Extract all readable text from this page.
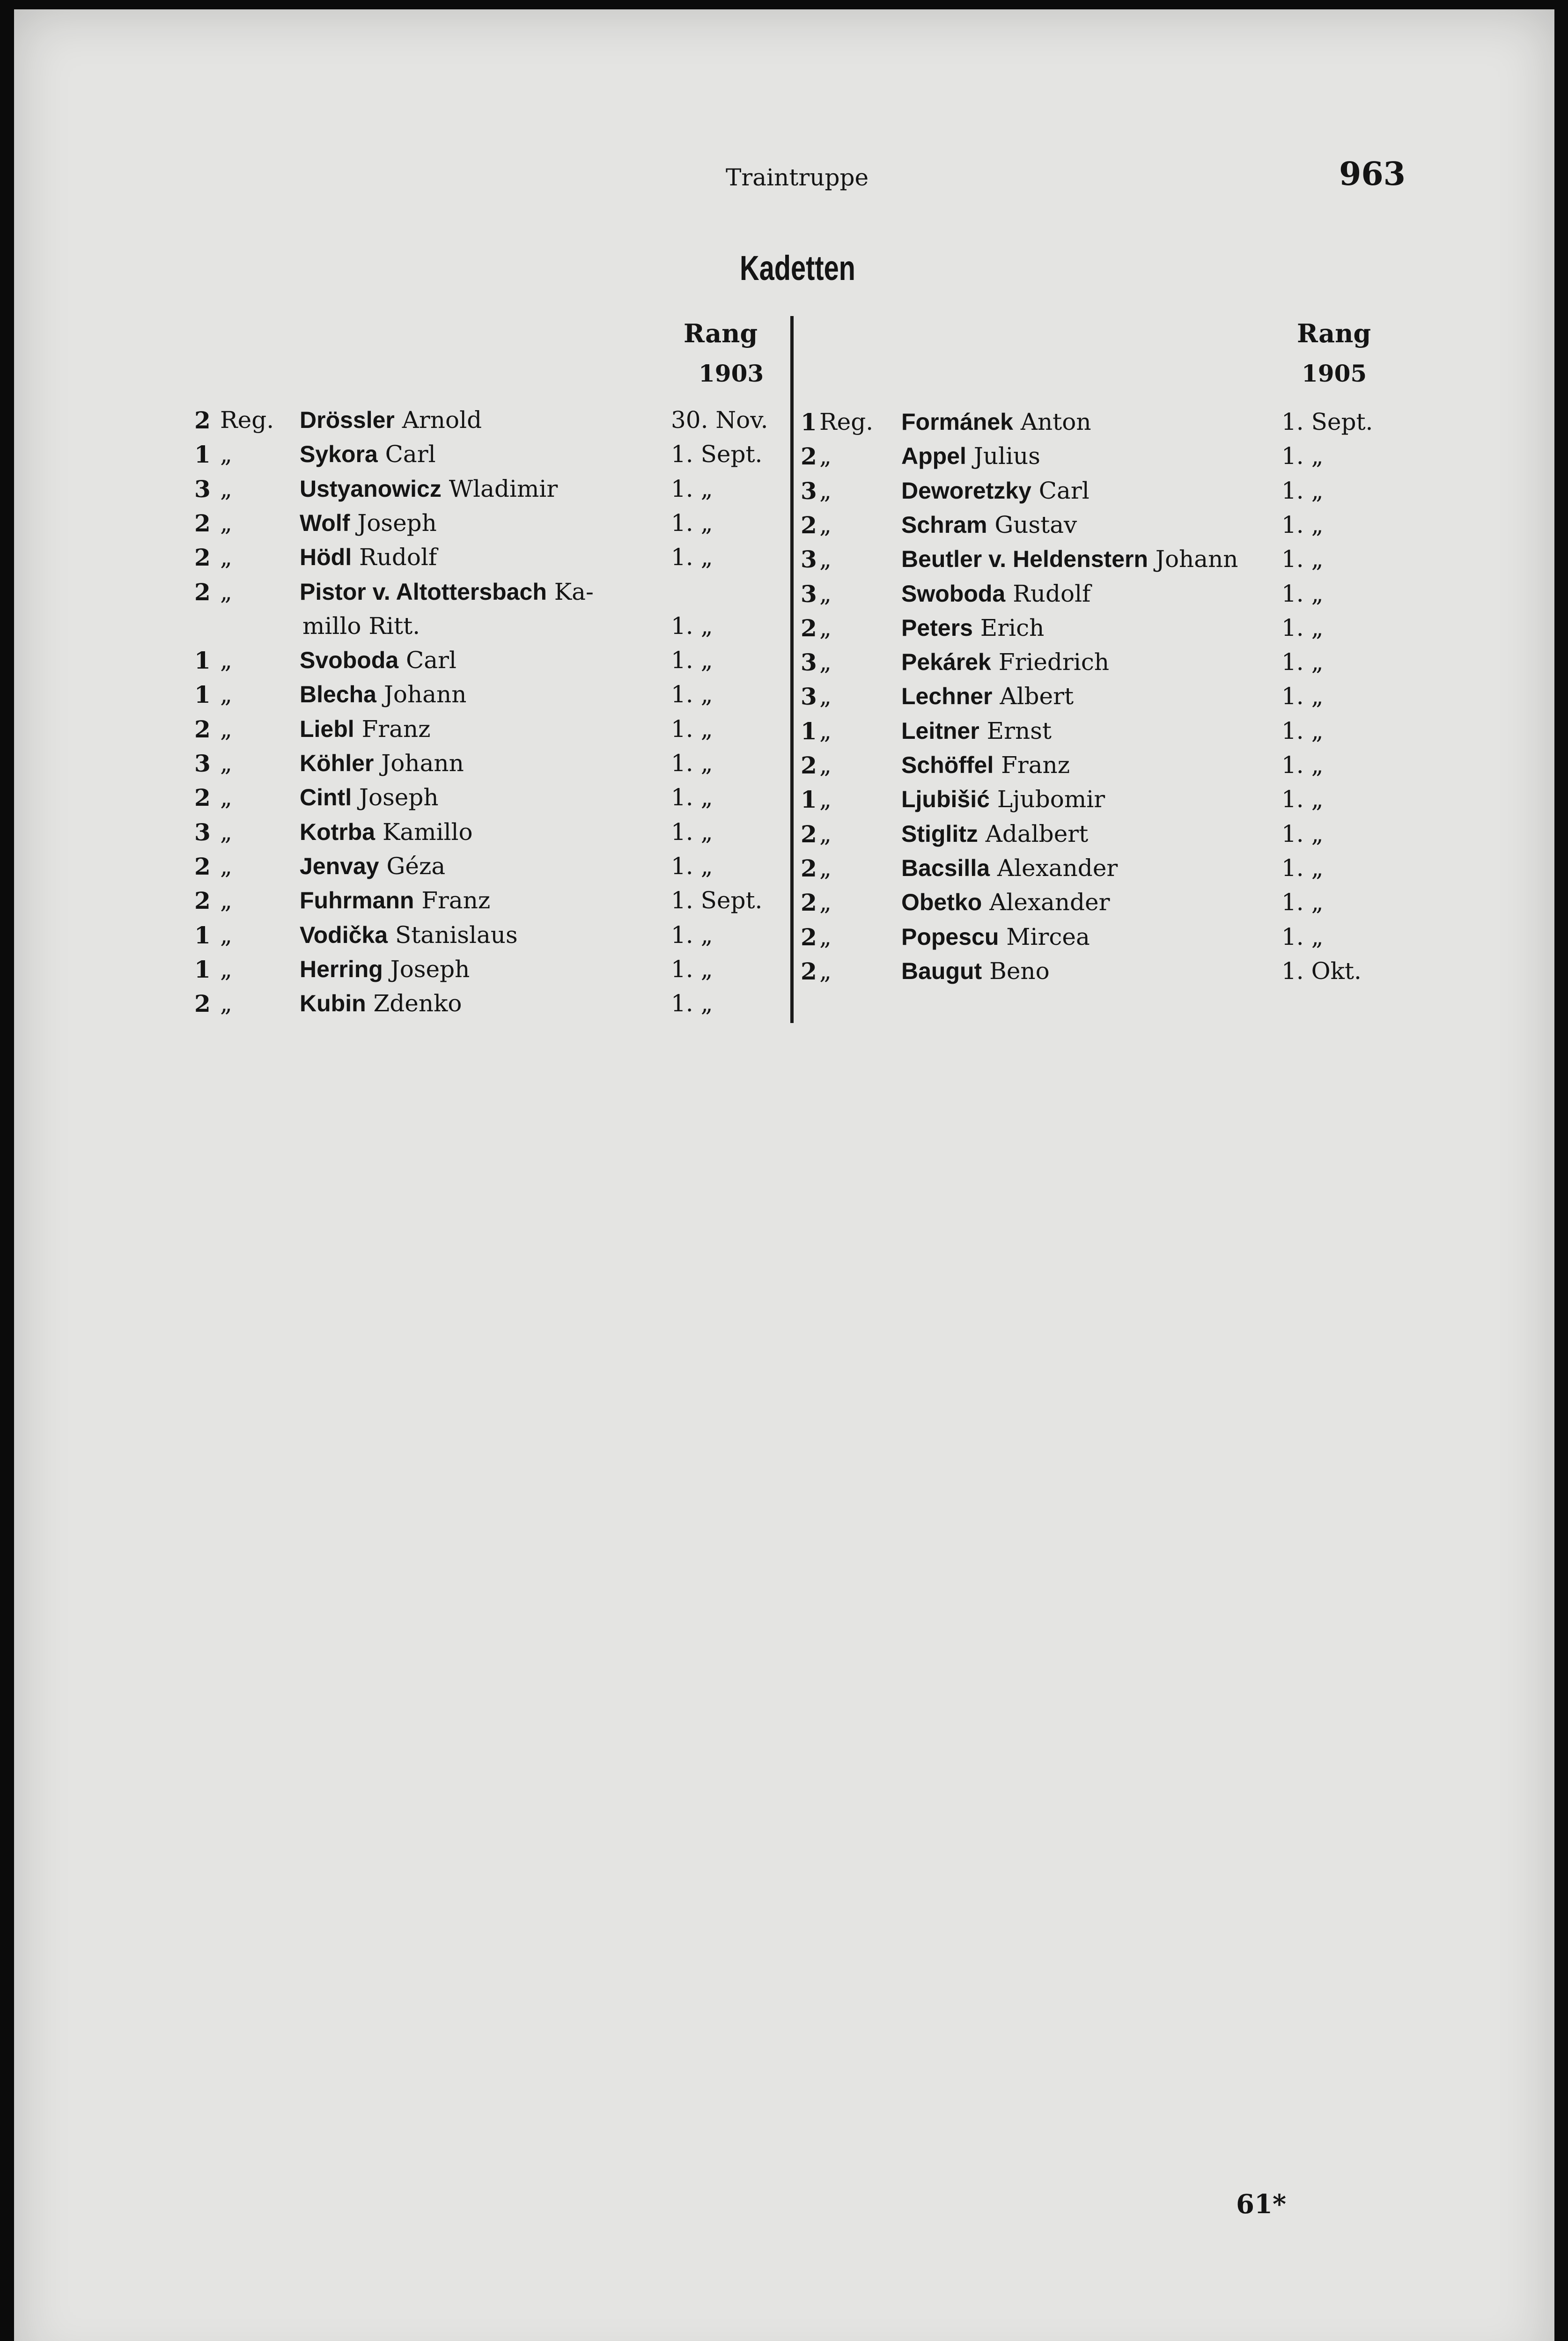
Traintruppe	963
Kadetten
Rang
1903
Rang
1905
2 Reg. Drössler Arnold	30. Nov.
1 „	Sykora Carl	1. Sept.
3 „	Ustyanowicz Wladimir	1. „
2 „	Wolf Joseph	1. „
2 „	Hödl Rudolf	1. „
2 „	Pistor v. Altottersbach Ka-
millo Ritt.	1. „
1 „	Svoboda Carl	1. „
1 „	Blecha Johann	1. „
2 „	Liebl Franz	1. „
3 „	Köhler Johann	1. „
2 „	Cintl Joseph	1. „
3 „	Kotrba Kamillo	1. „
2 „	Jenvay Géza	1. „
2 „	Fuhrmann Franz	1. Sept.
1 „	Vodička Stanislaus	1. „
1 „	Herring Joseph	1. „
2 „	Kubin Zdenko	1. „
1 Reg. Formánek Anton	1. Sept.
2 „	Appel Julius	1. „
3 „	Deworetzky Carl	1. „
2 „	Schram Gustav	1. „
3 „	Beutler v. Heldenstern Johann 1. „
3 „	Swoboda Rudolf	1. „
2 „	Peters Erich	1. „
3 „	Pekárek Friedrich	1. „
3 „	Lechner Albert	1. „
1 „	Leitner Ernst	1. „
2 „	Schöffel Franz	1. „
1 „	Ljubišić Ljubomir	1. „
2 „	Stiglitz Adalbert	1. „
2 „	Bacsilla Alexander	1. „
2 „	Obetko Alexander	1. „
2 „	Popescu Mircea	1. „
2 „	Baugut Beno	1. Okt.
61*
